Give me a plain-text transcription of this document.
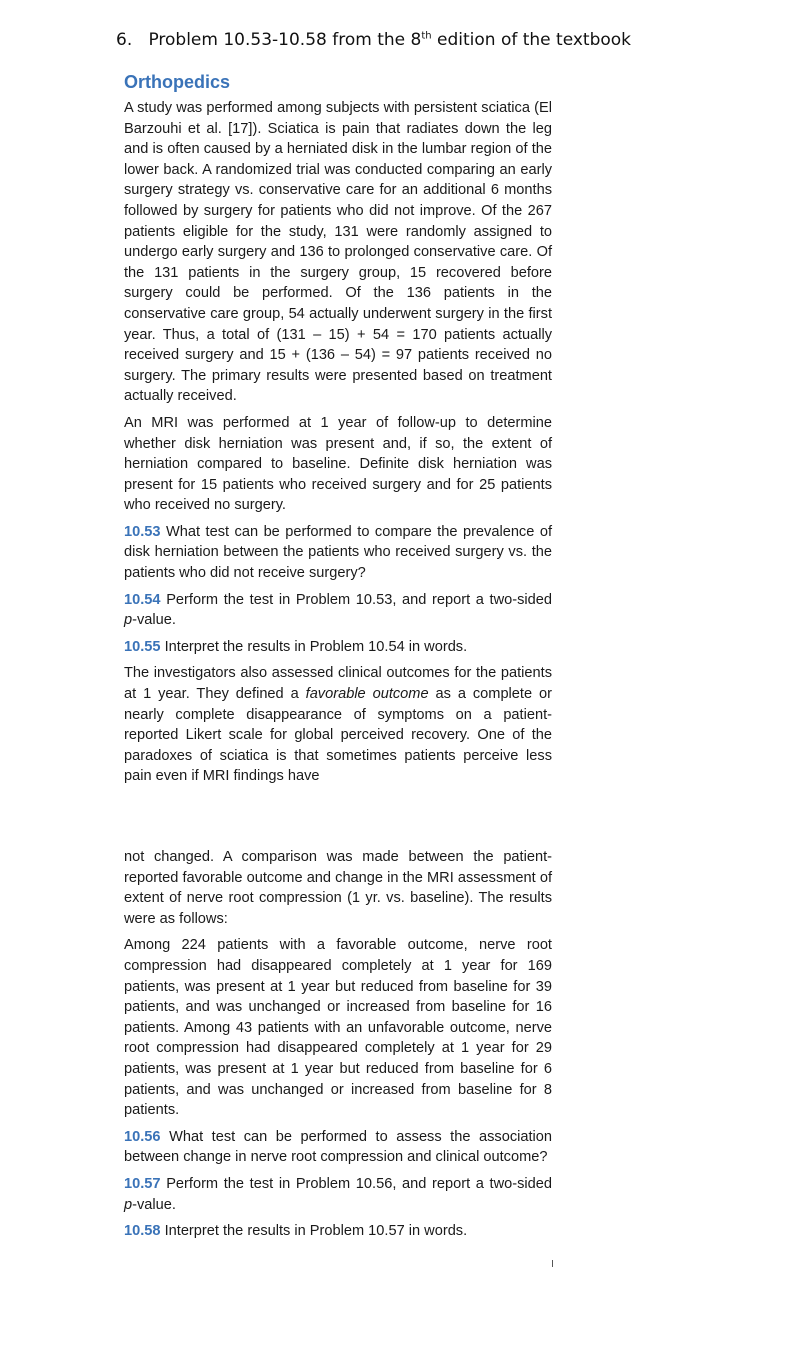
6. Problem 10.53-10.58 from the 8th edition of the textbook
Orthopedics

A study was performed among subjects with persistent sciatica (El Barzouhi et al. [17]). Sciatica is pain that radiates down the leg and is often caused by a herniated disk in the lumbar region of the lower back. A randomized trial was conducted comparing an early surgery strategy vs. conservative care for an additional 6 months followed by surgery for patients who did not improve. Of the 267 patients eligible for the study, 131 were randomly assigned to undergo early surgery and 136 to prolonged conservative care. Of the 131 patients in the surgery group, 15 recovered before surgery could be performed. Of the 136 patients in the conservative care group, 54 actually underwent surgery in the first year. Thus, a total of (131 – 15) + 54 = 170 patients actually received surgery and 15 + (136 – 54) = 97 patients received no surgery. The primary results were presented based on treatment actually received.

An MRI was performed at 1 year of follow-up to determine whether disk herniation was present and, if so, the extent of herniation compared to baseline. Definite disk herniation was present for 15 patients who received surgery and for 25 patients who received no surgery.

10.53 What test can be performed to compare the prevalence of disk herniation between the patients who received surgery vs. the patients who did not receive surgery?

10.54 Perform the test in Problem 10.53, and report a two-sided p-value.

10.55 Interpret the results in Problem 10.54 in words.

The investigators also assessed clinical outcomes for the patients at 1 year. They defined a favorable outcome as a complete or nearly complete disappearance of symptoms on a patient-reported Likert scale for global perceived recovery. One of the paradoxes of sciatica is that sometimes patients perceive less pain even if MRI findings have

not changed. A comparison was made between the patient-reported favorable outcome and change in the MRI assessment of extent of nerve root compression (1 yr. vs. baseline). The results were as follows:

Among 224 patients with a favorable outcome, nerve root compression had disappeared completely at 1 year for 169 patients, was present at 1 year but reduced from baseline for 39 patients, and was unchanged or increased from baseline for 16 patients. Among 43 patients with an unfavorable outcome, nerve root compression had disappeared completely at 1 year for 29 patients, was present at 1 year but reduced from baseline for 6 patients, and was unchanged or increased from baseline for 8 patients.

10.56 What test can be performed to assess the association between change in nerve root compression and clinical outcome?

10.57 Perform the test in Problem 10.56, and report a two-sided p-value.

10.58 Interpret the results in Problem 10.57 in words.
